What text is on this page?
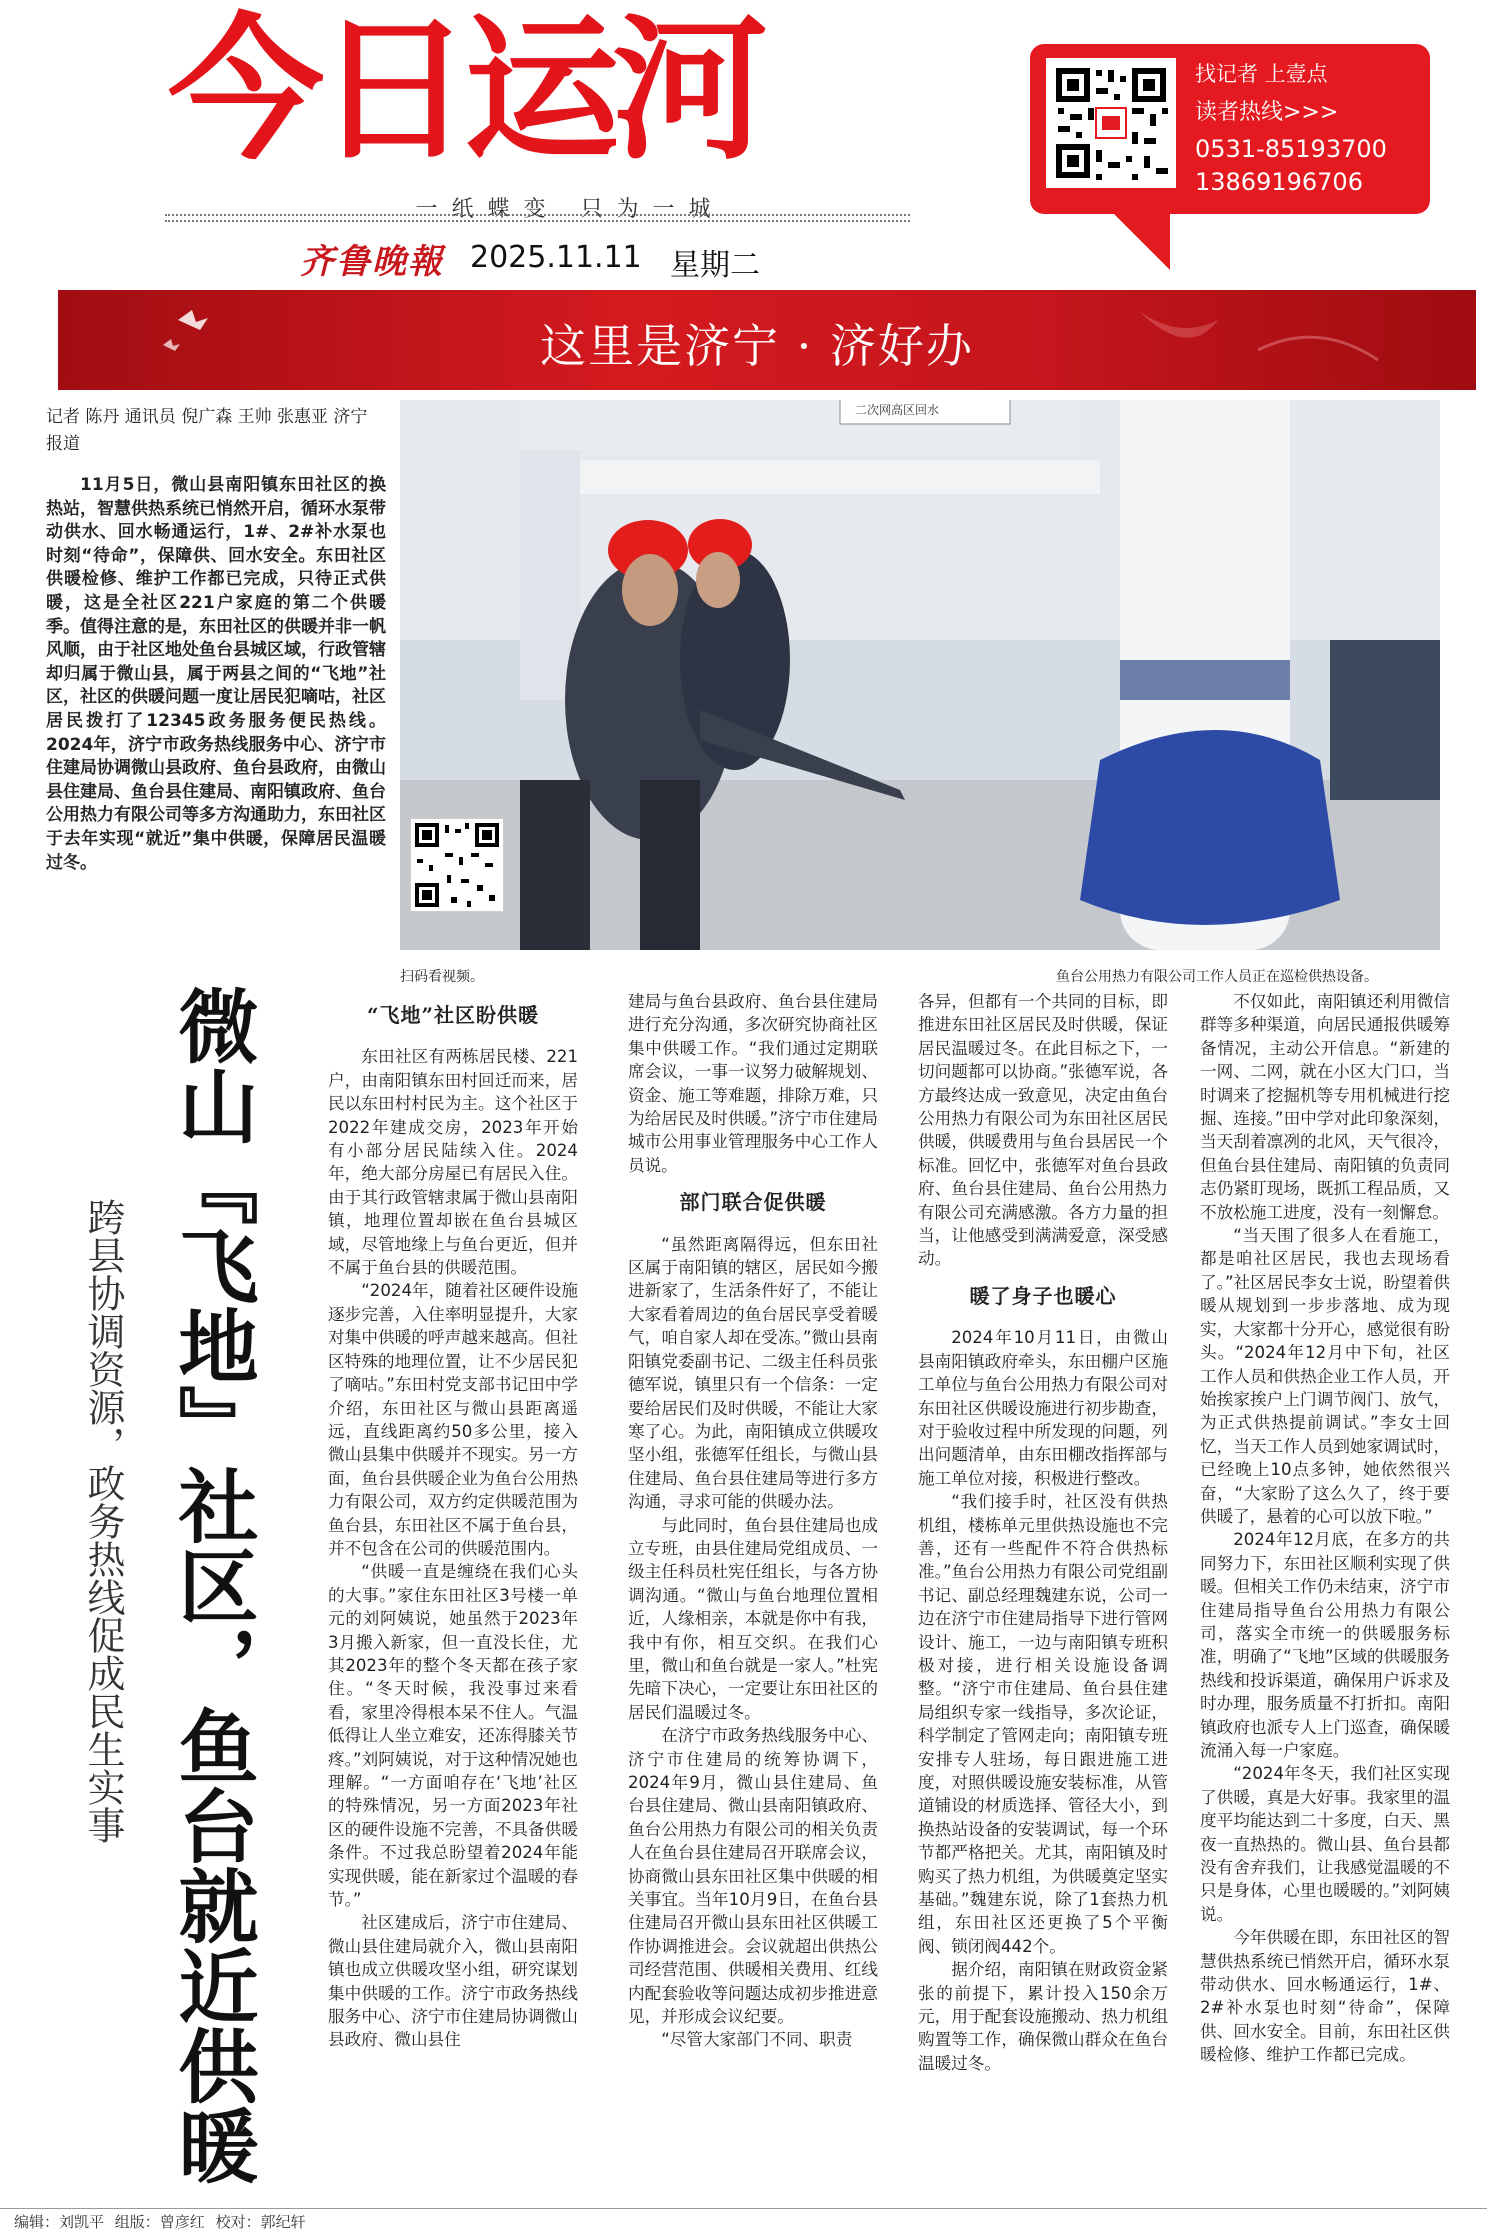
今日运河
一纸蝶变 只为一城
齐鲁晚報 2025.11.11 星期二
找记者 上壹点
读者热线>>>
0531-85193700
13869196706
这里是济宁 · 济好办
记者 陈丹 通讯员 倪广森 王帅 张惠亚 济宁报道
11月5日，微山县南阳镇东田社区的换热站，智慧供热系统已悄然开启，循环水泵带动供水、回水畅通运行，1#、2#补水泵也时刻“待命”，保障供、回水安全。东田社区供暖检修、维护工作都已完成，只待正式供暖，这是全社区221户家庭的第二个供暖季。值得注意的是，东田社区的供暖并非一帆风顺，由于社区地处鱼台县城区域，行政管辖却归属于微山县，属于两县之间的“飞地”社区，社区的供暖问题一度让居民犯嘀咕，社区居民拨打了12345政务服务便民热线。2024年，济宁市政务热线服务中心、济宁市住建局协调微山县政府、鱼台县政府，由微山县住建局、鱼台县住建局、南阳镇政府、鱼台公用热力有限公司等多方沟通助力，东田社区于去年实现“就近”集中供暖，保障居民温暖过冬。
二次网高区回水
扫码看视频。	鱼台公用热力有限公司工作人员正在巡检供热设备。
微山『飞地』社区，鱼台就近供暖
跨县协调资源，政务热线促成民生实事
“飞地”社区盼供暖

东田社区有两栋居民楼、221户，由南阳镇东田村回迁而来，居民以东田村村民为主。这个社区于2022年建成交房，2023年开始有小部分居民陆续入住。2024年，绝大部分房屋已有居民入住。由于其行政管辖隶属于微山县南阳镇，地理位置却嵌在鱼台县城区域，尽管地缘上与鱼台更近，但并不属于鱼台县的供暖范围。

“2024年，随着社区硬件设施逐步完善，入住率明显提升，大家对集中供暖的呼声越来越高。但社区特殊的地理位置，让不少居民犯了嘀咕。”东田村党支部书记田中学介绍，东田社区与微山县距离遥远，直线距离约50多公里，接入微山县集中供暖并不现实。另一方面，鱼台县供暖企业为鱼台公用热力有限公司，双方约定供暖范围为鱼台县，东田社区不属于鱼台县，并不包含在公司的供暖范围内。

“供暖一直是缠绕在我们心头的大事。”家住东田社区3号楼一单元的刘阿姨说，她虽然于2023年3月搬入新家，但一直没长住，尤其2023年的整个冬天都在孩子家住。“冬天时候，我没事过来看看，家里冷得根本呆不住人。气温低得让人坐立难安，还冻得膝关节疼。”刘阿姨说，对于这种情况她也理解。“一方面咱存在‘飞地’社区的特殊情况，另一方面2023年社区的硬件设施不完善，不具备供暖条件。不过我总盼望着2024年能实现供暖，能在新家过个温暖的春节。”

社区建成后，济宁市住建局、微山县住建局就介入，微山县南阳镇也成立供暖攻坚小组，研究谋划集中供暖的工作。济宁市政务热线服务中心、济宁市住建局协调微山县政府、微山县住

建局与鱼台县政府、鱼台县住建局进行充分沟通，多次研究协商社区集中供暖工作。“我们通过定期联席会议，一事一议努力破解规划、资金、施工等难题，排除万难，只为给居民及时供暖。”济宁市住建局城市公用事业管理服务中心工作人员说。

部门联合促供暖

“虽然距离隔得远，但东田社区属于南阳镇的辖区，居民如今搬进新家了，生活条件好了，不能让大家看着周边的鱼台居民享受着暖气，咱自家人却在受冻。”微山县南阳镇党委副书记、二级主任科员张德军说，镇里只有一个信条：一定要给居民们及时供暖，不能让大家寒了心。为此，南阳镇成立供暖攻坚小组，张德军任组长，与微山县住建局、鱼台县住建局等进行多方沟通，寻求可能的供暖办法。

与此同时，鱼台县住建局也成立专班，由县住建局党组成员、一级主任科员杜宪任组长，与各方协调沟通。“微山与鱼台地理位置相近，人缘相亲，本就是你中有我，我中有你，相互交织。在我们心里，微山和鱼台就是一家人。”杜宪先暗下决心，一定要让东田社区的居民们温暖过冬。

在济宁市政务热线服务中心、济宁市住建局的统筹协调下，2024年9月，微山县住建局、鱼台县住建局、微山县南阳镇政府、鱼台公用热力有限公司的相关负责人在鱼台县住建局召开联席会议，协商微山县东田社区集中供暖的相关事宜。当年10月9日，在鱼台县住建局召开微山县东田社区供暖工作协调推进会。会议就超出供热公司经营范围、供暖相关费用、红线内配套验收等问题达成初步推进意见，并形成会议纪要。

“尽管大家部门不同、职责

各异，但都有一个共同的目标，即推进东田社区居民及时供暖，保证居民温暖过冬。在此目标之下，一切问题都可以协商。”张德军说，各方最终达成一致意见，决定由鱼台公用热力有限公司为东田社区居民供暖，供暖费用与鱼台县居民一个标准。回忆中，张德军对鱼台县政府、鱼台县住建局、鱼台公用热力有限公司充满感激。各方力量的担当，让他感受到满满爱意，深受感动。

暖了身子也暖心

2024年10月11日，由微山县南阳镇政府牵头，东田棚户区施工单位与鱼台公用热力有限公司对东田社区供暖设施进行初步勘查，对于验收过程中所发现的问题，列出问题清单，由东田棚改指挥部与施工单位对接，积极进行整改。

“我们接手时，社区没有供热机组，楼栋单元里供热设施也不完善，还有一些配件不符合供热标准。”鱼台公用热力有限公司党组副书记、副总经理魏建东说，公司一边在济宁市住建局指导下进行管网设计、施工，一边与南阳镇专班积极对接，进行相关设施设备调整。“济宁市住建局、鱼台县住建局组织专家一线指导，多次论证，科学制定了管网走向；南阳镇专班安排专人驻场，每日跟进施工进度，对照供暖设施安装标准，从管道铺设的材质选择、管径大小，到换热站设备的安装调试，每一个环节都严格把关。尤其，南阳镇及时购买了热力机组，为供暖奠定坚实基础。”魏建东说，除了1套热力机组，东田社区还更换了5个平衡阀、锁闭阀442个。

据介绍，南阳镇在财政资金紧张的前提下，累计投入150余万元，用于配套设施搬动、热力机组购置等工作，确保微山群众在鱼台温暖过冬。

不仅如此，南阳镇还利用微信群等多种渠道，向居民通报供暖筹备情况，主动公开信息。“新建的一网、二网，就在小区大门口，当时调来了挖掘机等专用机械进行挖掘、连接。”田中学对此印象深刻，当天刮着凛冽的北风，天气很冷，但鱼台县住建局、南阳镇的负责同志仍紧盯现场，既抓工程品质，又不放松施工进度，没有一刻懈怠。

“当天围了很多人在看施工，都是咱社区居民，我也去现场看了。”社区居民李女士说，盼望着供暖从规划到一步步落地、成为现实，大家都十分开心，感觉很有盼头。“2024年12月中下旬，社区工作人员和供热企业工作人员，开始挨家挨户上门调节阀门、放气，为正式供热提前调试。”李女士回忆，当天工作人员到她家调试时，已经晚上10点多钟，她依然很兴奋，“大家盼了这么久了，终于要供暖了，悬着的心可以放下啦。”

2024年12月底，在多方的共同努力下，东田社区顺利实现了供暖。但相关工作仍未结束，济宁市住建局指导鱼台公用热力有限公司，落实全市统一的供暖服务标准，明确了“飞地”区域的供暖服务热线和投诉渠道，确保用户诉求及时办理，服务质量不打折扣。南阳镇政府也派专人上门巡查，确保暖流涌入每一户家庭。

“2024年冬天，我们社区实现了供暖，真是大好事。我家里的温度平均能达到二十多度，白天、黑夜一直热热的。微山县、鱼台县都没有舍弃我们，让我感觉温暖的不只是身体，心里也暖暖的。”刘阿姨说。

今年供暖在即，东田社区的智慧供热系统已悄然开启，循环水泵带动供水、回水畅通运行，1#、2#补水泵也时刻“待命”，保障供、回水安全。目前，东田社区供暖检修、维护工作都已完成。

编辑：刘凯平 组版：曾彦红 校对：郭纪轩
